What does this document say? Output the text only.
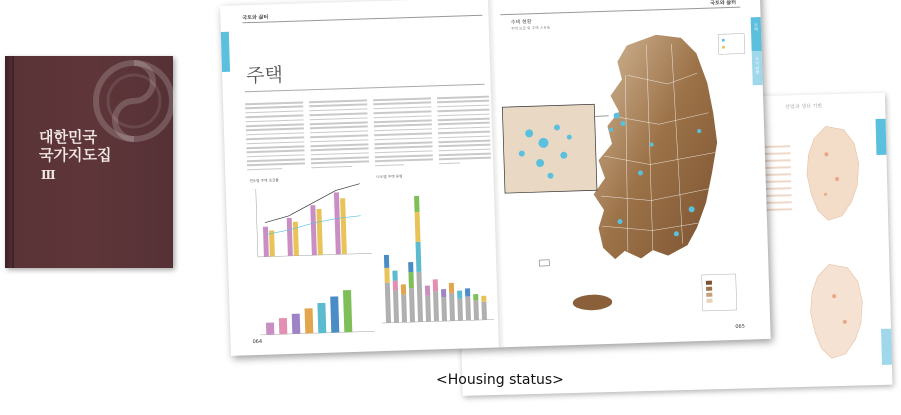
대한민국
국가지도집
Ⅲ
산업과 생산 기반
국토와 삶터
국토와 삶터
주택
주거 현황
주택
연도별 주택 보급률
시·도별 주택 유형
064
065
주택 현황
주택 보급 및 주택 소유율
<Housing status>
